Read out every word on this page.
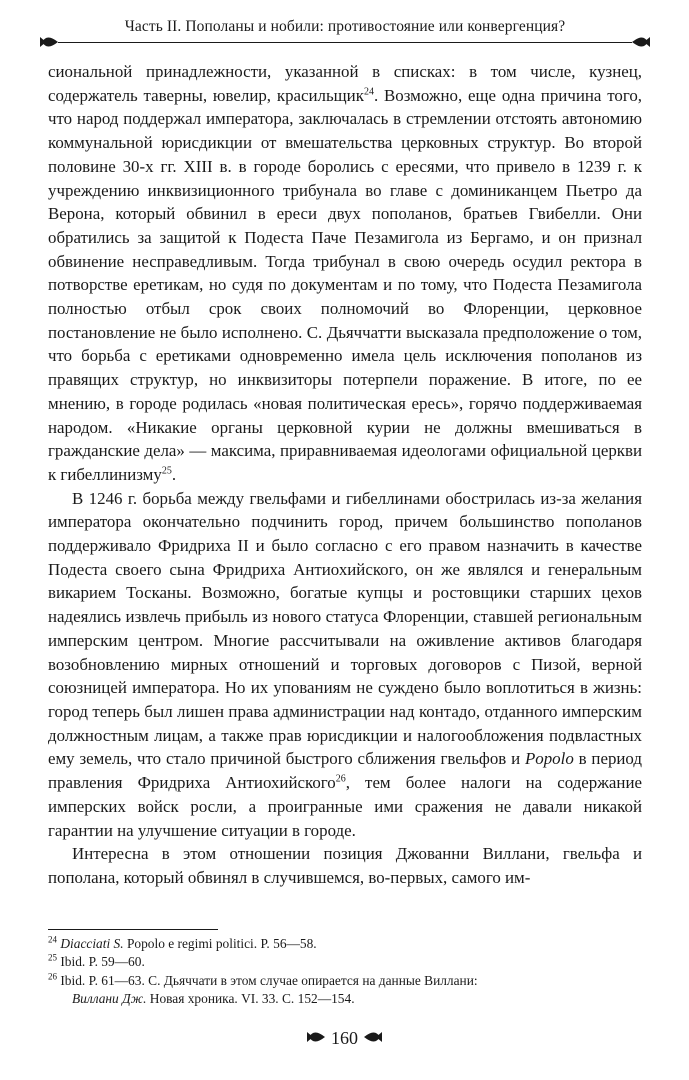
Часть II. Пополаны и нобили: противостояние или конвергенция?

сиональной принадлежности, указанной в списках: в том числе, кузнец, содержатель таверны, ювелир, красильщик$^{24}$. Возможно, еще одна причина того, что народ поддержал императора, заключалась в стремлении отстоять автономию коммунальной юрисдикции от вмешательства церковных структур. Во второй половине 30-х гг. XIII в. в городе боролись с ересями, что привело в 1239 г. к учреждению инквизиционного трибунала во главе с доминиканцем Пьетро да Верона, который обвинил в ереси двух пополанов, братьев Гвибелли. Они обратились за защитой к Подеста Паче Пезамигола из Бергамо, и он признал обвинение несправедливым. Тогда трибунал в свою очередь осудил ректора в потворстве еретикам, но судя по документам и по тому, что Подеста Пезамигола полностью отбыл срок своих полномочий во Флоренции, церковное постановление не было исполнено. С. Дьяччатти высказала предположение о том, что борьба с еретиками одновременно имела цель исключения пополанов из правящих структур, но инквизиторы потерпели поражение. В итоге, по ее мнению, в городе родилась «новая политическая ересь», горячо поддерживаемая народом. «Никакие органы церковной курии не должны вмешиваться в гражданские дела» — максима, приравниваемая идеологами официальной церкви к гибеллинизму$^{25}$.

В 1246 г. борьба между гвельфами и гибеллинами обострилась из-за желания императора окончательно подчинить город, причем большинство пополанов поддерживало Фридриха II и было согласно с его правом назначить в качестве Подеста своего сына Фридриха Антиохийского, он же являлся и генеральным викарием Тосканы. Возможно, богатые купцы и ростовщики старших цехов надеялись извлечь прибыль из нового статуса Флоренции, ставшей региональным имперским центром. Многие рассчитывали на оживление активов благодаря возобновлению мирных отношений и торговых договоров с Пизой, верной союзницей императора. Но их упованиям не суждено было воплотиться в жизнь: город теперь был лишен права администрации над контадо, отданного имперским должностным лицам, а также прав юрисдикции и налогообложения подвластных ему земель, что стало причиной быстрого сближения гвельфов и Popolo в период правления Фридриха Антиохийского$^{26}$, тем более налоги на содержание имперских войск росли, а проигранные ими сражения не давали никакой гарантии на улучшение ситуации в городе.

Интересна в этом отношении позиция Джованни Виллани, гвельфа и пополана, который обвинял в случившемся, во-первых, самого им-

$^{24}$ Diacciati S. Popolo e regimi politici. P. 56—58.

$^{25}$ Ibid. P. 59—60.

$^{26}$ Ibid. P. 61—63. С. Дьяччати в этом случае опирается на данные Виллани:
Виллани Дж. Новая хроника. VI. 33. С. 152—154.

160
